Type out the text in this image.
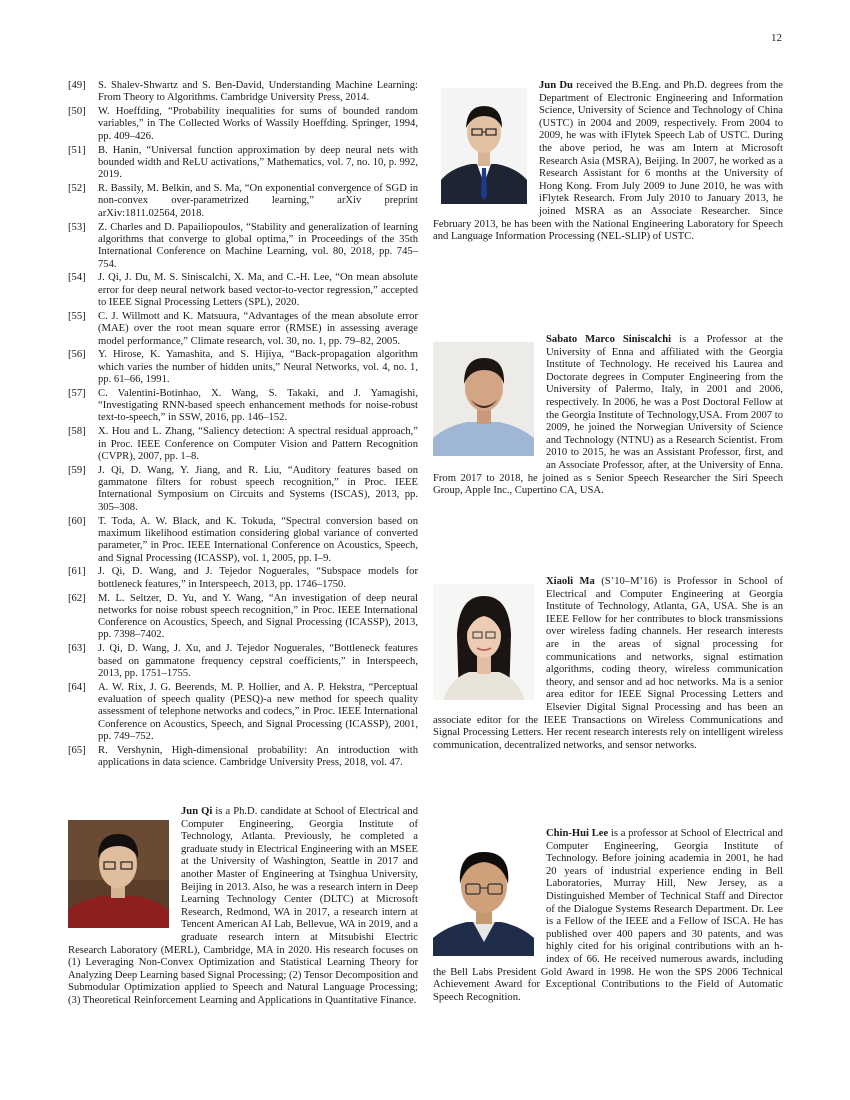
12
[49]	S. Shalev-Shwartz and S. Ben-David, Understanding Machine Learning: From Theory to Algorithms. Cambridge University Press, 2014.
[50]	W. Hoeffding, “Probability inequalities for sums of bounded random variables,” in The Collected Works of Wassily Hoeffding. Springer, 1994, pp. 409–426.
[51]	B. Hanin, “Universal function approximation by deep neural nets with bounded width and ReLU activations,” Mathematics, vol. 7, no. 10, p. 992, 2019.
[52]	R. Bassily, M. Belkin, and S. Ma, “On exponential convergence of SGD in non-convex over-parametrized learning,” arXiv preprint arXiv:1811.02564, 2018.
[53]	Z. Charles and D. Papailiopoulos, “Stability and generalization of learning algorithms that converge to global optima,” in Proceedings of the 35th International Conference on Machine Learning, vol. 80, 2018, pp. 745–754.
[54]	J. Qi, J. Du, M. S. Siniscalchi, X. Ma, and C.-H. Lee, “On mean absolute error for deep neural network based vector-to-vector regression,” accepted to IEEE Signal Processing Letters (SPL), 2020.
[55]	C. J. Willmott and K. Matsuura, “Advantages of the mean absolute error (MAE) over the root mean square error (RMSE) in assessing average model performance,” Climate research, vol. 30, no. 1, pp. 79–82, 2005.
[56]	Y. Hirose, K. Yamashita, and S. Hijiya, “Back-propagation algorithm which varies the number of hidden units,” Neural Networks, vol. 4, no. 1, pp. 61–66, 1991.
[57]	C. Valentini-Botinhao, X. Wang, S. Takaki, and J. Yamagishi, “Investigating RNN-based speech enhancement methods for noise-robust text-to-speech,” in SSW, 2016, pp. 146–152.
[58]	X. Hou and L. Zhang, “Saliency detection: A spectral residual approach,” in Proc. IEEE Conference on Computer Vision and Pattern Recognition (CVPR), 2007, pp. 1–8.
[59]	J. Qi, D. Wang, Y. Jiang, and R. Liu, “Auditory features based on gammatone filters for robust speech recognition,” in Proc. IEEE International Symposium on Circuits and Systems (ISCAS), 2013, pp. 305–308.
[60]	T. Toda, A. W. Black, and K. Tokuda, “Spectral conversion based on maximum likelihood estimation considering global variance of converted parameter,” in Proc. IEEE International Conference on Acoustics, Speech, and Signal Processing (ICASSP), vol. 1, 2005, pp. I–9.
[61]	J. Qi, D. Wang, and J. Tejedor Noguerales, “Subspace models for bottleneck features,” in Interspeech, 2013, pp. 1746–1750.
[62]	M. L. Seltzer, D. Yu, and Y. Wang, “An investigation of deep neural networks for noise robust speech recognition,” in Proc. IEEE International Conference on Acoustics, Speech, and Signal Processing (ICASSP), 2013, pp. 7398–7402.
[63]	J. Qi, D. Wang, J. Xu, and J. Tejedor Noguerales, “Bottleneck features based on gammatone frequency cepstral coefficients,” in Interspeech, 2013, pp. 1751–1755.
[64]	A. W. Rix, J. G. Beerends, M. P. Hollier, and A. P. Hekstra, “Perceptual evaluation of speech quality (PESQ)-a new method for speech quality assessment of telephone networks and codecs,” in Proc. IEEE International Conference on Acoustics, Speech, and Signal Processing (ICASSP), 2001, pp. 749–752.
[65]	R. Vershynin, High-dimensional probability: An introduction with applications in data science. Cambridge University Press, 2018, vol. 47.
Jun Du received the B.Eng. and Ph.D. degrees from the Department of Electronic Engineering and Information Science, University of Science and Technology of China (USTC) in 2004 and 2009, respectively. From 2004 to 2009, he was with iFlytek Speech Lab of USTC. During the above period, he was am Intern at Microsoft Research Asia (MSRA), Beijing. In 2007, he worked as a Research Assistant for 6 months at the University of Hong Kong. From July 2009 to June 2010, he was with iFlytek Research. From July 2010 to January 2013, he joined MSRA as an Associate Researcher. Since February 2013, he has been with the National Engineering Laboratory for Speech and Language Information Processing (NEL-SLIP) of USTC.
Sabato Marco Siniscalchi is a Professor at the University of Enna and affiliated with the Georgia Institute of Technology. He received his Laurea and Doctorate degrees in Computer Engineering from the University of Palermo, Italy, in 2001 and 2006, respectively. In 2006, he was a Post Doctoral Fellow at the Georgia Institute of Technology,USA. From 2007 to 2009, he joined the Norwegian University of Science and Technology (NTNU) as a Research Scientist. From 2010 to 2015, he was an Assistant Professor, first, and an Associate Professor, after, at the University of Enna. From 2017 to 2018, he joined as s Senior Speech Researcher the Siri Speech Group, Apple Inc., Cupertino CA, USA.
Xiaoli Ma (S’10–M’16) is Professor in School of Electrical and Computer Engineering at Georgia Institute of Technology, Atlanta, GA, USA. She is an IEEE Fellow for her contributes to block transmissions over wireless fading channels. Her research interests are in the areas of signal processing for communications and networks, signal estimation algorithms, coding theory, wireless communication theory, and sensor and ad hoc networks. Ma is a senior area editor for IEEE Signal Processing Letters and Elsevier Digital Signal Processing and has been an associate editor for the IEEE Transactions on Wireless Communications and Signal Processing Letters. Her recent research interests rely on intelligent wireless communication, decentralized networks, and sensor networks.
Jun Qi is a Ph.D. candidate at School of Electrical and Computer Engineering, Georgia Institute of Technology, Atlanta. Previously, he completed a graduate study in Electrical Engineering with an MSEE at the University of Washington, Seattle in 2017 and another Master of Engineering at Tsinghua University, Beijing in 2013. Also, he was a research intern in Deep Learning Technology Center (DLTC) at Microsoft Research, Redmond, WA in 2017, a research intern at Tencent American AI Lab, Bellevue, WA in 2019, and a graduate research intern at Mitsubishi Electric Research Laboratory (MERL), Cambridge, MA in 2020. His research focuses on (1) Leveraging Non-Convex Optimization and Statistical Learning Theory for Analyzing Deep Learning based Signal Processing; (2) Tensor Decomposition and Submodular Optimization applied to Speech and Natural Language Processing; (3) Theoretical Reinforcement Learning and Applications in Quantitative Finance.
Chin-Hui Lee is a professor at School of Electrical and Computer Engineering, Georgia Institute of Technology. Before joining academia in 2001, he had 20 years of industrial experience ending in Bell Laboratories, Murray Hill, New Jersey, as a Distinguished Member of Technical Staff and Director of the Dialogue Systems Research Department. Dr. Lee is a Fellow of the IEEE and a Fellow of ISCA. He has published over 400 papers and 30 patents, and was highly cited for his original contributions with an h-index of 66. He received numerous awards, including the Bell Labs President Gold Award in 1998. He won the SPS 2006 Technical Achievement Award for Exceptional Contributions to the Field of Automatic Speech Recognition.
